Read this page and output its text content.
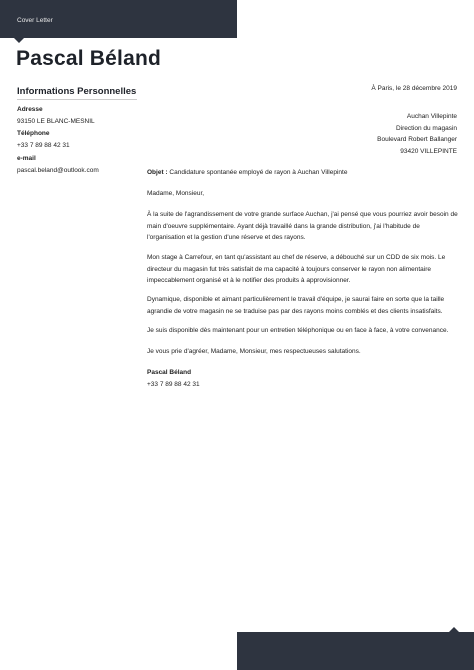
Cover Letter
Pascal Béland
Informations Personnelles
Adresse
93150 LE BLANC-MESNIL
Téléphone
+33 7 89 88 42 31
e-mail
pascal.beland@outlook.com
À Paris, le 28 décembre 2019
Auchan Villepinte
Direction du magasin
Boulevard Robert Ballanger
93420 VILLEPINTE

Objet : Candidature spontanée employé de rayon à Auchan Villepinte

Madame, Monsieur,
À la suite de l'agrandissement de votre grande surface Auchan, j'ai pensé que vous pourriez avoir besoin de main d'oeuvre supplémentaire. Ayant déjà travaillé dans la grande distribution, j'ai l'habitude de l'organisation et la gestion d'une réserve et des rayons.
Mon stage à Carrefour, en tant qu'assistant au chef de réserve, a débouché sur un CDD de six mois. Le directeur du magasin fut très satisfait de ma capacité à toujours conserver le rayon non alimentaire impeccablement organisé et à le notifier des produits à approvisionner.
Dynamique, disponible et aimant particulièrement le travail d'équipe, je saurai faire en sorte que la taille agrandie de votre magasin ne se traduise pas par des rayons moins comblés et des clients insatisfaits.
Je suis disponible dès maintenant pour un entretien téléphonique ou en face à face, à votre convenance.
Je vous prie d'agréer, Madame, Monsieur, mes respectueuses salutations.
Pascal Béland
+33 7 89 88 42 31
